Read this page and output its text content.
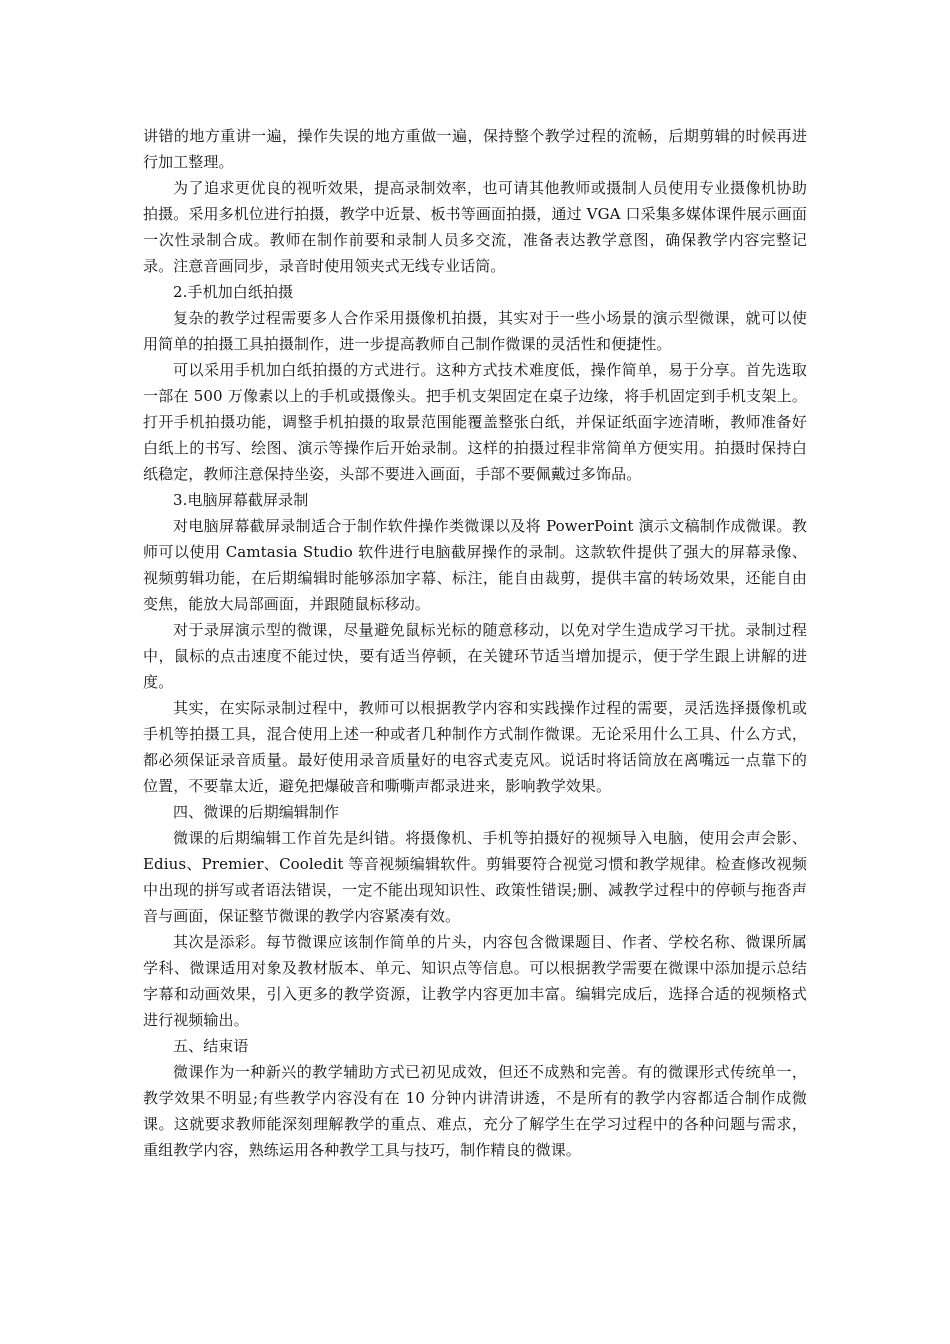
讲错的地方重讲一遍，操作失误的地方重做一遍，保持整个教学过程的流畅，后期剪辑的时候再进行加工整理。

为了追求更优良的视听效果，提高录制效率，也可请其他教师或摄制人员使用专业摄像机协助拍摄。采用多机位进行拍摄，教学中近景、板书等画面拍摄，通过 VGA 口采集多媒体课件展示画面一次性录制合成。教师在制作前要和录制人员多交流，准备表达教学意图，确保教学内容完整记录。注意音画同步，录音时使用领夹式无线专业话筒。

2.手机加白纸拍摄

复杂的教学过程需要多人合作采用摄像机拍摄，其实对于一些小场景的演示型微课，就可以使用简单的拍摄工具拍摄制作，进一步提高教师自己制作微课的灵活性和便捷性。

可以采用手机加白纸拍摄的方式进行。这种方式技术难度低，操作简单，易于分享。首先选取一部在 500 万像素以上的手机或摄像头。把手机支架固定在桌子边缘，将手机固定到手机支架上。打开手机拍摄功能，调整手机拍摄的取景范围能覆盖整张白纸，并保证纸面字迹清晰，教师准备好白纸上的书写、绘图、演示等操作后开始录制。这样的拍摄过程非常简单方便实用。拍摄时保持白纸稳定，教师注意保持坐姿，头部不要进入画面，手部不要佩戴过多饰品。

3.电脑屏幕截屏录制

对电脑屏幕截屏录制适合于制作软件操作类微课以及将 PowerPoint 演示文稿制作成微课。教师可以使用 Camtasia Studio 软件进行电脑截屏操作的录制。这款软件提供了强大的屏幕录像、视频剪辑功能，在后期编辑时能够添加字幕、标注，能自由裁剪，提供丰富的转场效果，还能自由变焦，能放大局部画面，并跟随鼠标移动。

对于录屏演示型的微课，尽量避免鼠标光标的随意移动，以免对学生造成学习干扰。录制过程中，鼠标的点击速度不能过快，要有适当停顿，在关键环节适当增加提示，便于学生跟上讲解的进度。

其实，在实际录制过程中，教师可以根据教学内容和实践操作过程的需要，灵活选择摄像机或手机等拍摄工具，混合使用上述一种或者几种制作方式制作微课。无论采用什么工具、什么方式，都必须保证录音质量。最好使用录音质量好的电容式麦克风。说话时将话筒放在离嘴远一点靠下的位置，不要靠太近，避免把爆破音和嘶嘶声都录进来，影响教学效果。

四、微课的后期编辑制作

微课的后期编辑工作首先是纠错。将摄像机、手机等拍摄好的视频导入电脑，使用会声会影、Edius、Premier、Cooledit 等音视频编辑软件。剪辑要符合视觉习惯和教学规律。检查修改视频中出现的拼写或者语法错误，一定不能出现知识性、政策性错误;删、减教学过程中的停顿与拖沓声音与画面，保证整节微课的教学内容紧凑有效。

其次是添彩。每节微课应该制作简单的片头，内容包含微课题目、作者、学校名称、微课所属学科、微课适用对象及教材版本、单元、知识点等信息。可以根据教学需要在微课中添加提示总结字幕和动画效果，引入更多的教学资源，让教学内容更加丰富。编辑完成后，选择合适的视频格式进行视频输出。

五、结束语

微课作为一种新兴的教学辅助方式已初见成效，但还不成熟和完善。有的微课形式传统单一，教学效果不明显;有些教学内容没有在 10 分钟内讲清讲透，不是所有的教学内容都适合制作成微课。这就要求教师能深刻理解教学的重点、难点，充分了解学生在学习过程中的各种问题与需求，重组教学内容，熟练运用各种教学工具与技巧，制作精良的微课。
